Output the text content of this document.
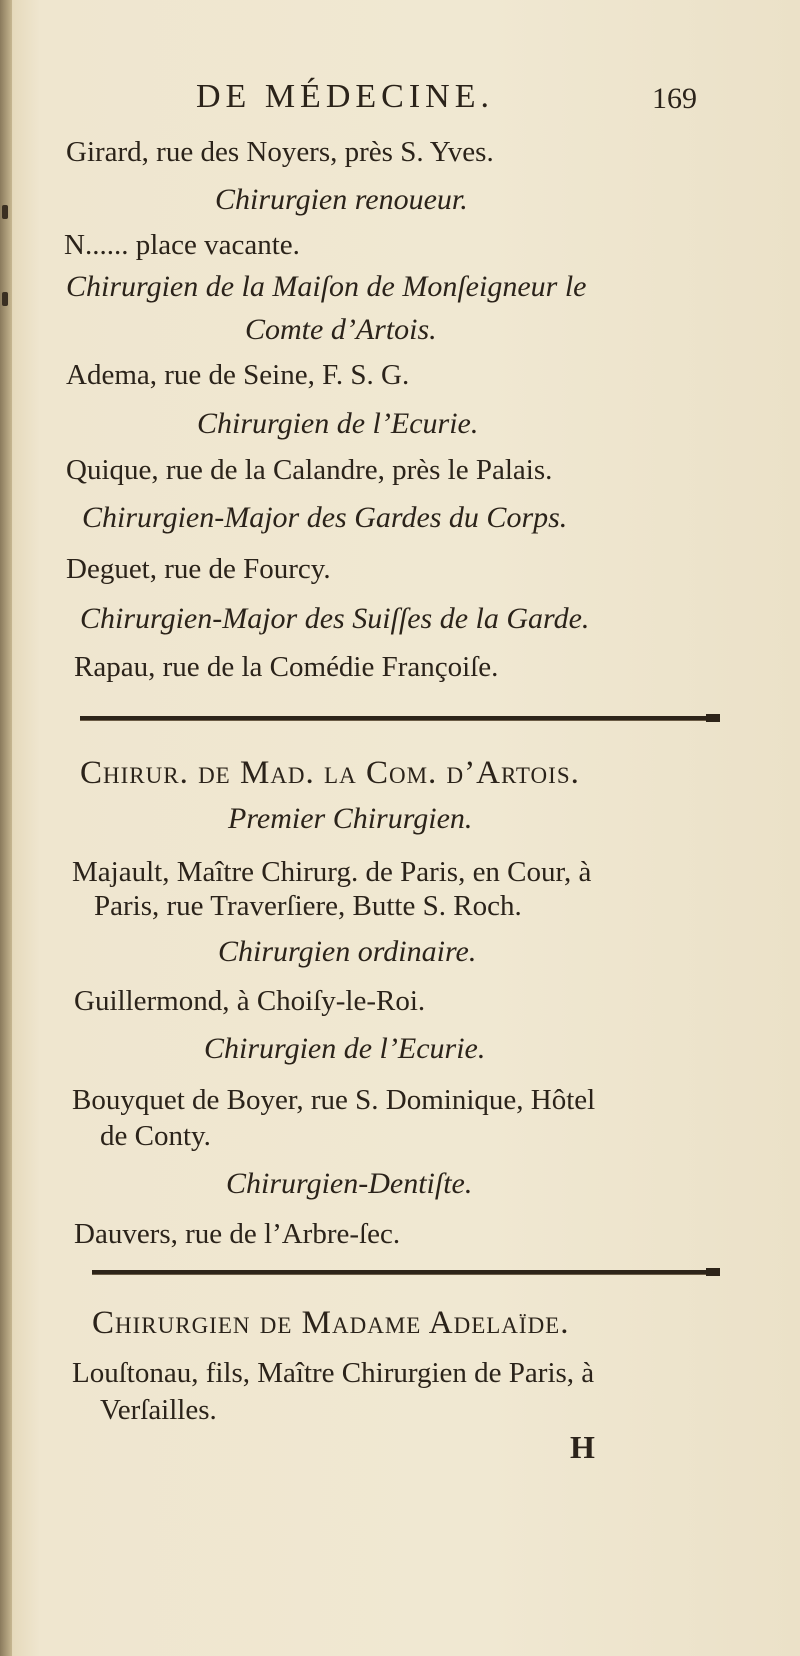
DE MÉDECINE.	169
Girard, rue des Noyers, près S. Yves.
Chirurgien renoueur.
N...... place vacante.
Chirurgien de la Maiſon de Monſeigneur le
Comte d’Artois.
Adema, rue de Seine, F. S. G.
Chirurgien de l’Ecurie.
Quique, rue de la Calandre, près le Palais.
Chirurgien-Major des Gardes du Corps.
Deguet, rue de Fourcy.
Chirurgien-Major des Suiſſes de la Garde.
Rapau, rue de la Comédie Françoiſe.
Chirur. de Mad. la Com. d’Artois.
Premier Chirurgien.
Majault, Maître Chirurg. de Paris, en Cour, à
Paris, rue Traverſiere, Butte S. Roch.
Chirurgien ordinaire.
Guillermond, à Choiſy-le-Roi.
Chirurgien de l’Ecurie.
Bouyquet de Boyer, rue S. Dominique, Hôtel
de Conty.
Chirurgien-Dentiſte.
Dauvers, rue de l’Arbre-ſec.
Chirurgien de Madame Adelaïde.
Louſtonau, fils, Maître Chirurgien de Paris, à
Verſailles.
H
